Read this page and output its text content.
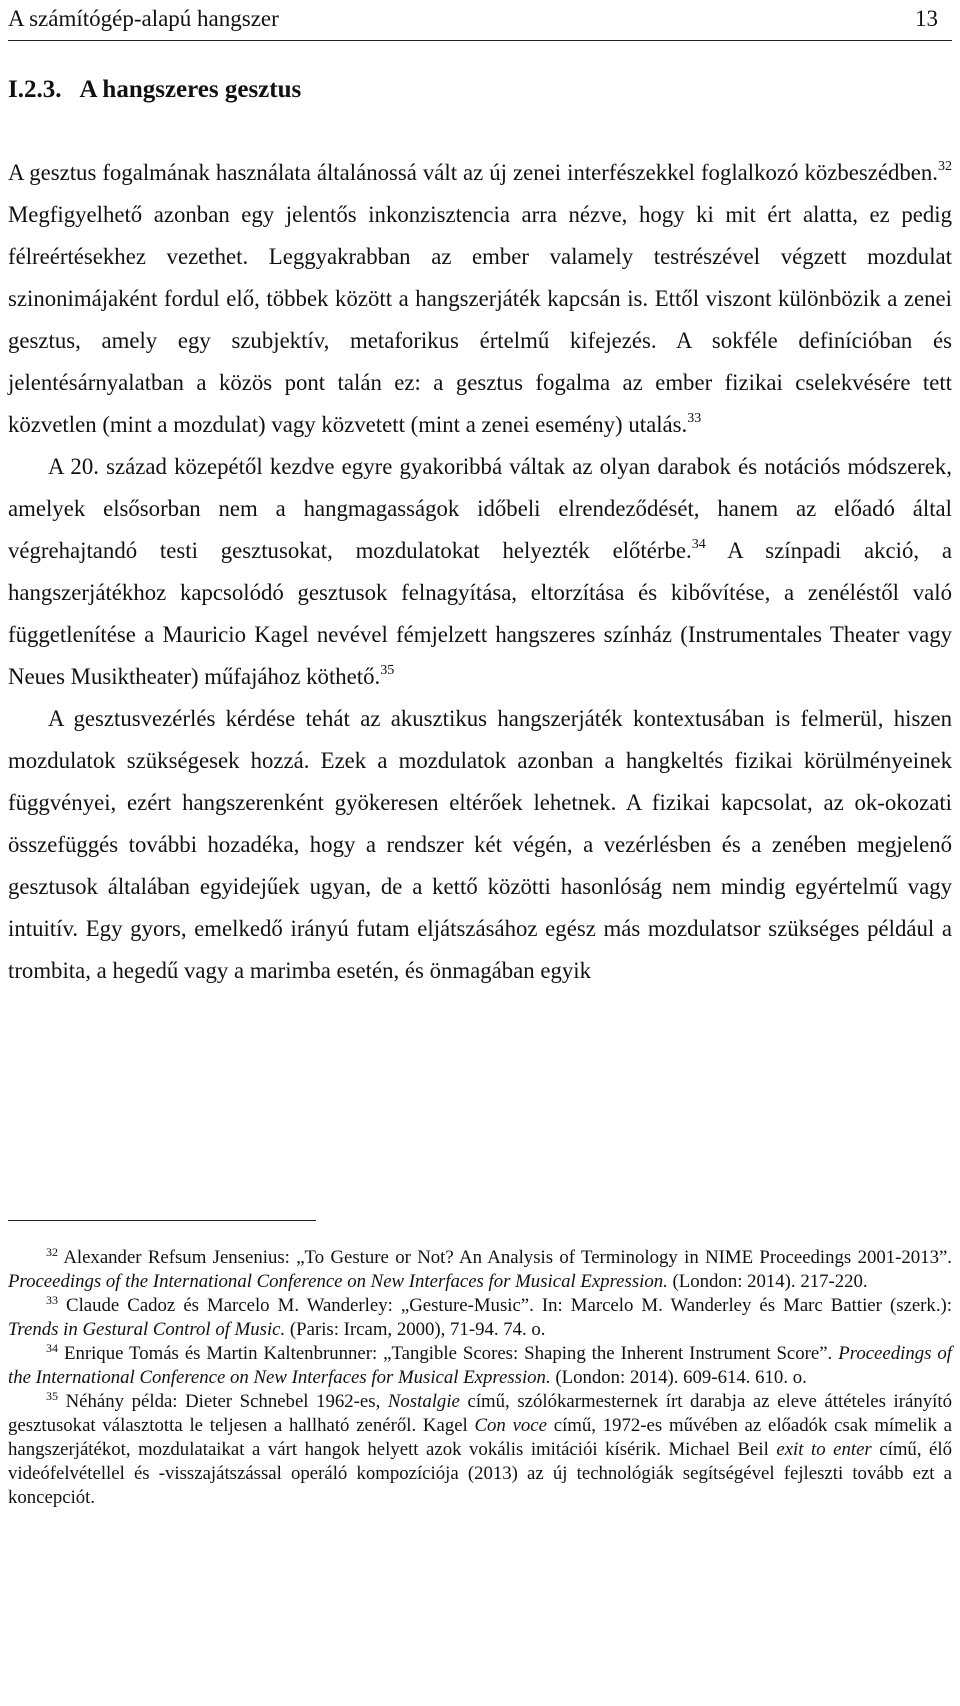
A számítógép-alapú hangszer	13
I.2.3. A hangszeres gesztus

A gesztus fogalmának használata általánossá vált az új zenei interfészekkel foglalkozó közbeszédben.$^{32}$ Megfigyelhető azonban egy jelentős inkonzisztencia arra nézve, hogy ki mit ért alatta, ez pedig félreértésekhez vezethet. Leggyakrabban az ember valamely testrészével végzett mozdulat szinonimájaként fordul elő, többek között a hangszerjáték kapcsán is. Ettől viszont különbözik a zenei gesztus, amely egy szubjektív, metaforikus értelmű kifejezés. A sokféle definícióban és jelentésárnyalatban a közös pont talán ez: a gesztus fogalma az ember fizikai cselekvésére tett közvetlen (mint a mozdulat) vagy közvetett (mint a zenei esemény) utalás.$^{33}$

A 20. század közepétől kezdve egyre gyakoribbá váltak az olyan darabok és notációs módszerek, amelyek elsősorban nem a hangmagasságok időbeli elrendeződését, hanem az előadó által végrehajtandó testi gesztusokat, mozdulatokat helyezték előtérbe.$^{34}$ A színpadi akció, a hangszerjátékhoz kapcsolódó gesztusok felnagyítása, eltorzítása és kibővítése, a zenéléstől való függetlenítése a Mauricio Kagel nevével fémjelzett hangszeres színház (Instrumentales Theater vagy Neues Musiktheater) műfajához köthető.$^{35}$

A gesztusvezérlés kérdése tehát az akusztikus hangszerjáték kontextusában is felmerül, hiszen mozdulatok szükségesek hozzá. Ezek a mozdulatok azonban a hangkeltés fizikai körülményeinek függvényei, ezért hangszerenként gyökeresen eltérőek lehetnek. A fizikai kapcsolat, az ok-okozati összefüggés további hozadéka, hogy a rendszer két végén, a vezérlésben és a zenében megjelenő gesztusok általában egyidejűek ugyan, de a kettő közötti hasonlóság nem mindig egyértelmű vagy intuitív. Egy gyors, emelkedő irányú futam eljátszásához egész más mozdulatsor szükséges például a trombita, a hegedű vagy a marimba esetén, és önmagában egyik

$^{32}$ Alexander Refsum Jensenius: „To Gesture or Not? An Analysis of Terminology in NIME Proceedings 2001-2013”. Proceedings of the International Conference on New Interfaces for Musical Expression. (London: 2014). 217-220.

$^{33}$ Claude Cadoz és Marcelo M. Wanderley: „Gesture-Music”. In: Marcelo M. Wanderley és Marc Battier (szerk.): Trends in Gestural Control of Music. (Paris: Ircam, 2000), 71-94. 74. o.

$^{34}$ Enrique Tomás és Martin Kaltenbrunner: „Tangible Scores: Shaping the Inherent Instrument Score”. Proceedings of the International Conference on New Interfaces for Musical Expression. (London: 2014). 609-614. 610. o.

$^{35}$ Néhány példa: Dieter Schnebel 1962-es, Nostalgie című, szólókarmesternek írt darabja az eleve áttételes irányító gesztusokat választotta le teljesen a hallható zenéről. Kagel Con voce című, 1972-es művében az előadók csak mímelik a hangszerjátékot, mozdulataikat a várt hangok helyett azok vokális imitációi kísérik. Michael Beil exit to enter című, élő videófelvétellel és -visszajátszással operáló kompozíciója (2013) az új technológiák segítségével fejleszti tovább ezt a koncepciót.
